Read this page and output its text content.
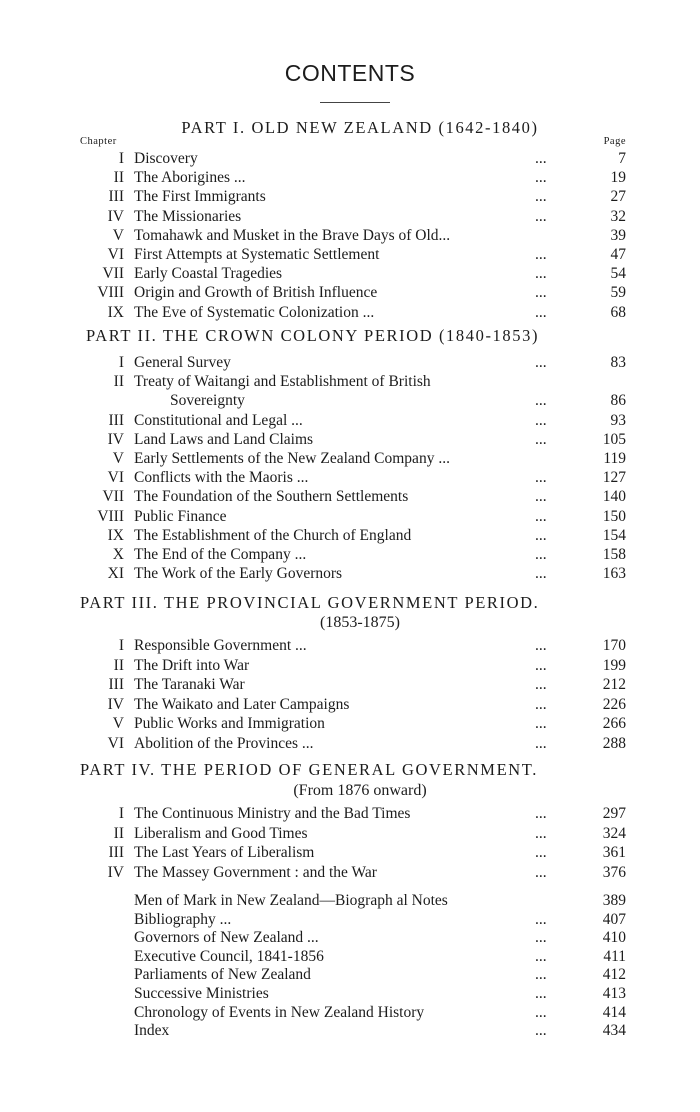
CONTENTS
PART I. OLD NEW ZEALAND (1642-1840)
Chapter	Page
I Discovery	...	7
II The Aborigines ...	...	19
III The First Immigrants	...	27
IV The Missionaries	...	32
V Tomahawk and Musket in the Brave Days of Old...	39
VI First Attempts at Systematic Settlement	...	47
VII Early Coastal Tragedies	...	54
VIII Origin and Growth of British Influence	...	59
IX The Eve of Systematic Colonization ...	...	68
PART II. THE CROWN COLONY PERIOD (1840-1853)
I General Survey	...	83
II Treaty of Waitangi and Establishment of British
Sovereignty	...	86
III Constitutional and Legal ...	...	93
IV Land Laws and Land Claims	...	105
V Early Settlements of the New Zealand Company ...	119
VI Conflicts with the Maoris ...	...	127
VII The Foundation of the Southern Settlements	...	140
VIII Public Finance	...	150
IX The Establishment of the Church of England	...	154
X The End of the Company ...	...	158
XI The Work of the Early Governors	...	163
PART III. THE PROVINCIAL GOVERNMENT PERIOD.
(1853-1875)
I Responsible Government ...	...	170
II The Drift into War	...	199
III The Taranaki War	...	212
IV The Waikato and Later Campaigns	...	226
V Public Works and Immigration	...	266
VI Abolition of the Provinces ...	...	288
PART IV. THE PERIOD OF GENERAL GOVERNMENT.
(From 1876 onward)
I The Continuous Ministry and the Bad Times	...	297
II Liberalism and Good Times	...	324
III The Last Years of Liberalism	...	361
IV The Massey Government : and the War	...	376
Men of Mark in New Zealand—Biograph al Notes	389
Bibliography ...	...	407
Governors of New Zealand ...	...	410
Executive Council, 1841-1856	...	411
Parliaments of New Zealand	...	412
Successive Ministries	...	413
Chronology of Events in New Zealand History	...	414
Index	...	434
